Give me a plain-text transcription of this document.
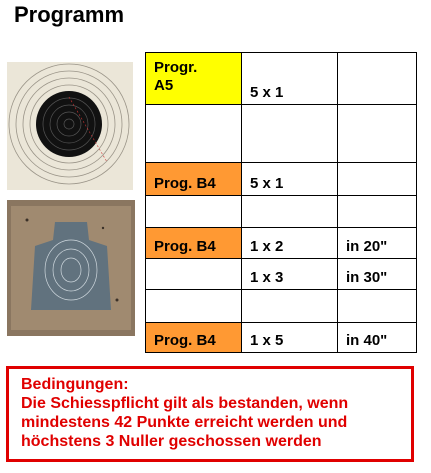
Programm
Progr.
A5	5 x 1	

Prog. B4	5 x 1	

Prog. B4	1 x 2	in 20"
	1 x 3	in 30"

Prog. B4	1 x 5	in 40"
Bedingungen:
Die Schiesspflicht gilt als bestanden, wenn
mindestens 42 Punkte erreicht werden und
höchstens 3 Nuller geschossen werden
